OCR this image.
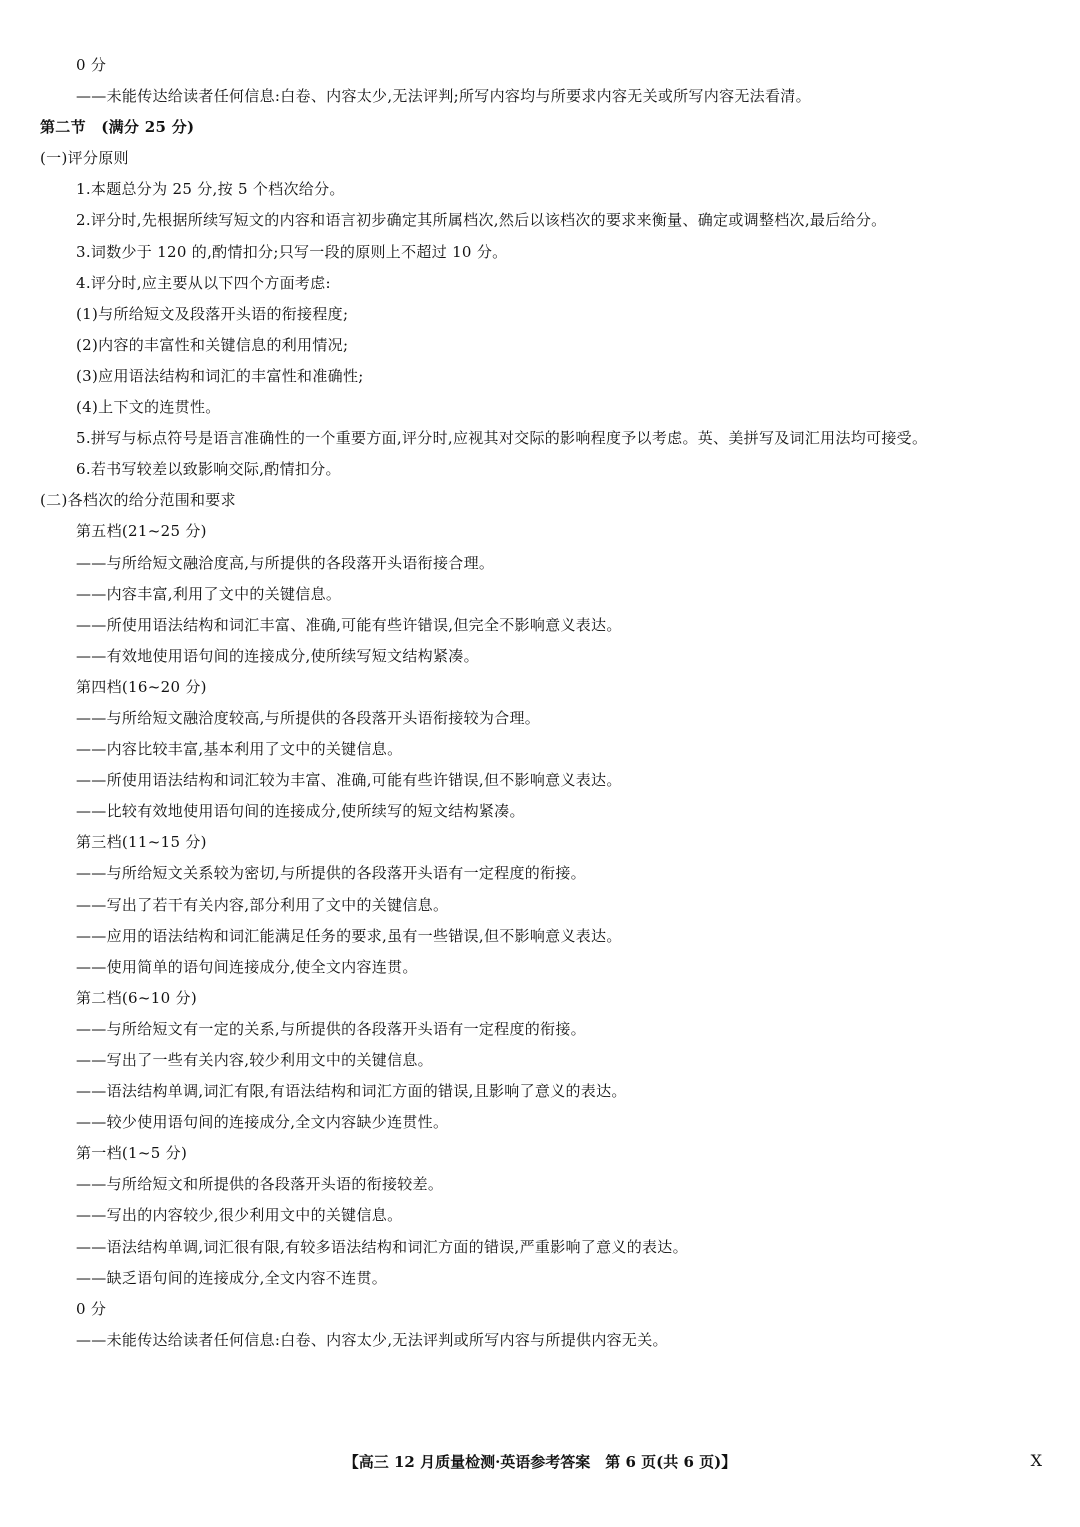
0 分
——未能传达给读者任何信息:白卷、内容太少,无法评判;所写内容均与所要求内容无关或所写内容无法看清。
第二节　(满分 25 分)
(一)评分原则
1.本题总分为 25 分,按 5 个档次给分。
2.评分时,先根据所续写短文的内容和语言初步确定其所属档次,然后以该档次的要求来衡量、确定或调整档次,最后给分。
3.词数少于 120 的,酌情扣分;只写一段的原则上不超过 10 分。
4.评分时,应主要从以下四个方面考虑:
(1)与所给短文及段落开头语的衔接程度;
(2)内容的丰富性和关键信息的利用情况;
(3)应用语法结构和词汇的丰富性和准确性;
(4)上下文的连贯性。
5.拼写与标点符号是语言准确性的一个重要方面,评分时,应视其对交际的影响程度予以考虑。英、美拼写及词汇用法均可接受。
6.若书写较差以致影响交际,酌情扣分。
(二)各档次的给分范围和要求
第五档(21~25 分)
——与所给短文融洽度高,与所提供的各段落开头语衔接合理。
——内容丰富,利用了文中的关键信息。
——所使用语法结构和词汇丰富、准确,可能有些许错误,但完全不影响意义表达。
——有效地使用语句间的连接成分,使所续写短文结构紧凑。
第四档(16~20 分)
——与所给短文融洽度较高,与所提供的各段落开头语衔接较为合理。
——内容比较丰富,基本利用了文中的关键信息。
——所使用语法结构和词汇较为丰富、准确,可能有些许错误,但不影响意义表达。
——比较有效地使用语句间的连接成分,使所续写的短文结构紧凑。
第三档(11~15 分)
——与所给短文关系较为密切,与所提供的各段落开头语有一定程度的衔接。
——写出了若干有关内容,部分利用了文中的关键信息。
——应用的语法结构和词汇能满足任务的要求,虽有一些错误,但不影响意义表达。
——使用简单的语句间连接成分,使全文内容连贯。
第二档(6~10 分)
——与所给短文有一定的关系,与所提供的各段落开头语有一定程度的衔接。
——写出了一些有关内容,较少利用文中的关键信息。
——语法结构单调,词汇有限,有语法结构和词汇方面的错误,且影响了意义的表达。
——较少使用语句间的连接成分,全文内容缺少连贯性。
第一档(1~5 分)
——与所给短文和所提供的各段落开头语的衔接较差。
——写出的内容较少,很少利用文中的关键信息。
——语法结构单调,词汇很有限,有较多语法结构和词汇方面的错误,严重影响了意义的表达。
——缺乏语句间的连接成分,全文内容不连贯。
0 分
——未能传达给读者任何信息:白卷、内容太少,无法评判或所写内容与所提供内容无关。
【高三 12 月质量检测·英语参考答案　第 6 页(共 6 页)】	X
